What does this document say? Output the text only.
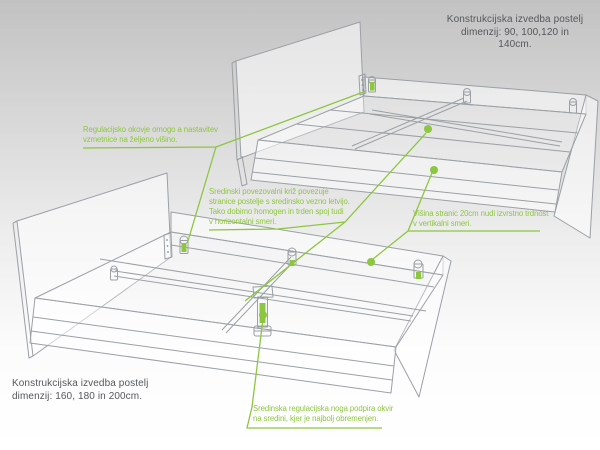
Konstrukcijska izvedba postelj
dimenzij: 90, 100,120 in 140cm.
Konstrukcijska izvedba postelj
dimenzij: 160, 180 in 200cm.
Regulacijsko okovje omogo a nastavitev
vzmetnice na željeno višino.
Sredinski povezovalni križ povezuje
stranice postelje s sredinsko vezno letvijo.
Tako dobimo homogen in trden spoj tudi
v horizontalni smeri.
Višina stranic 20cm nudi izvrstno trdnost
v vertikalni smeri.
Sredinska regulacijska noga podpira okvir
na sredini, kjer je najbolj obremenjen.
